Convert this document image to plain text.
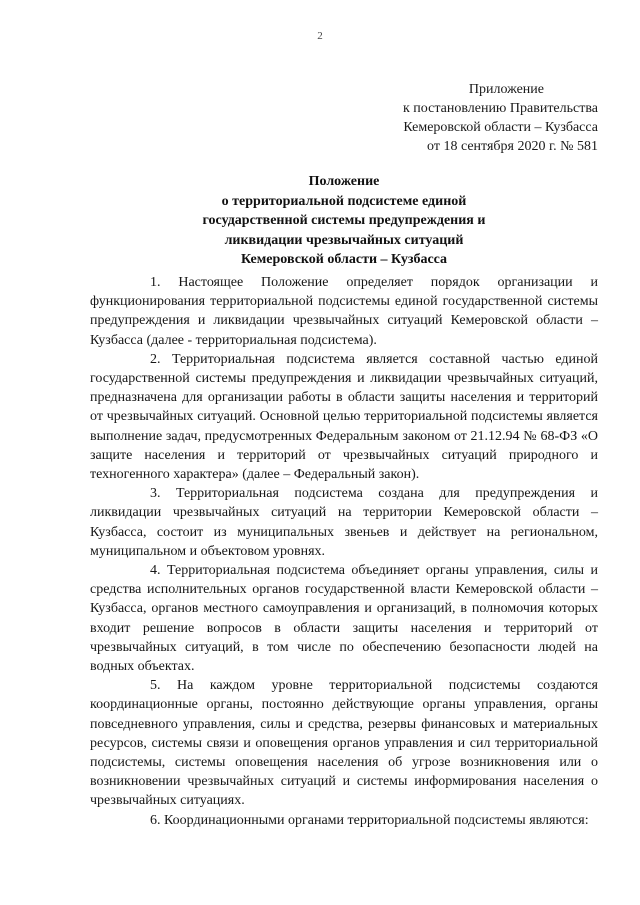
2
Приложение
к постановлению Правительства
Кемеровской области – Кузбасса
от 18 сентября 2020 г. № 581
Положение
о территориальной подсистеме единой
государственной системы предупреждения и
ликвидации чрезвычайных ситуаций
Кемеровской области – Кузбасса

1. Настоящее Положение определяет порядок организации и функционирования территориальной подсистемы единой государственной системы предупреждения и ликвидации чрезвычайных ситуаций Кемеровской области – Кузбасса (далее - территориальная подсистема).

2. Территориальная подсистема является составной частью единой государственной системы предупреждения и ликвидации чрезвычайных ситуаций, предназначена для организации работы в области защиты населения и территорий от чрезвычайных ситуаций. Основной целью территориальной подсистемы является выполнение задач, предусмотренных Федеральным законом от 21.12.94 № 68-ФЗ «О защите населения и территорий от чрезвычайных ситуаций природного и техногенного характера» (далее – Федеральный закон).

3. Территориальная подсистема создана для предупреждения и ликвидации чрезвычайных ситуаций на территории Кемеровской области – Кузбасса, состоит из муниципальных звеньев и действует на региональном, муниципальном и объектовом уровнях.

4. Территориальная подсистема объединяет органы управления, силы и средства исполнительных органов государственной власти Кемеровской области – Кузбасса, органов местного самоуправления и организаций, в полномочия которых входит решение вопросов в области защиты населения и территорий от чрезвычайных ситуаций, в том числе по обеспечению безопасности людей на водных объектах.

5. На каждом уровне территориальной подсистемы создаются координационные органы, постоянно действующие органы управления, органы повседневного управления, силы и средства, резервы финансовых и материальных ресурсов, системы связи и оповещения органов управления и сил территориальной подсистемы, системы оповещения населения об угрозе возникновения или о возникновении чрезвычайных ситуаций и системы информирования населения о чрезвычайных ситуациях.

6. Координационными органами территориальной подсистемы являются:
